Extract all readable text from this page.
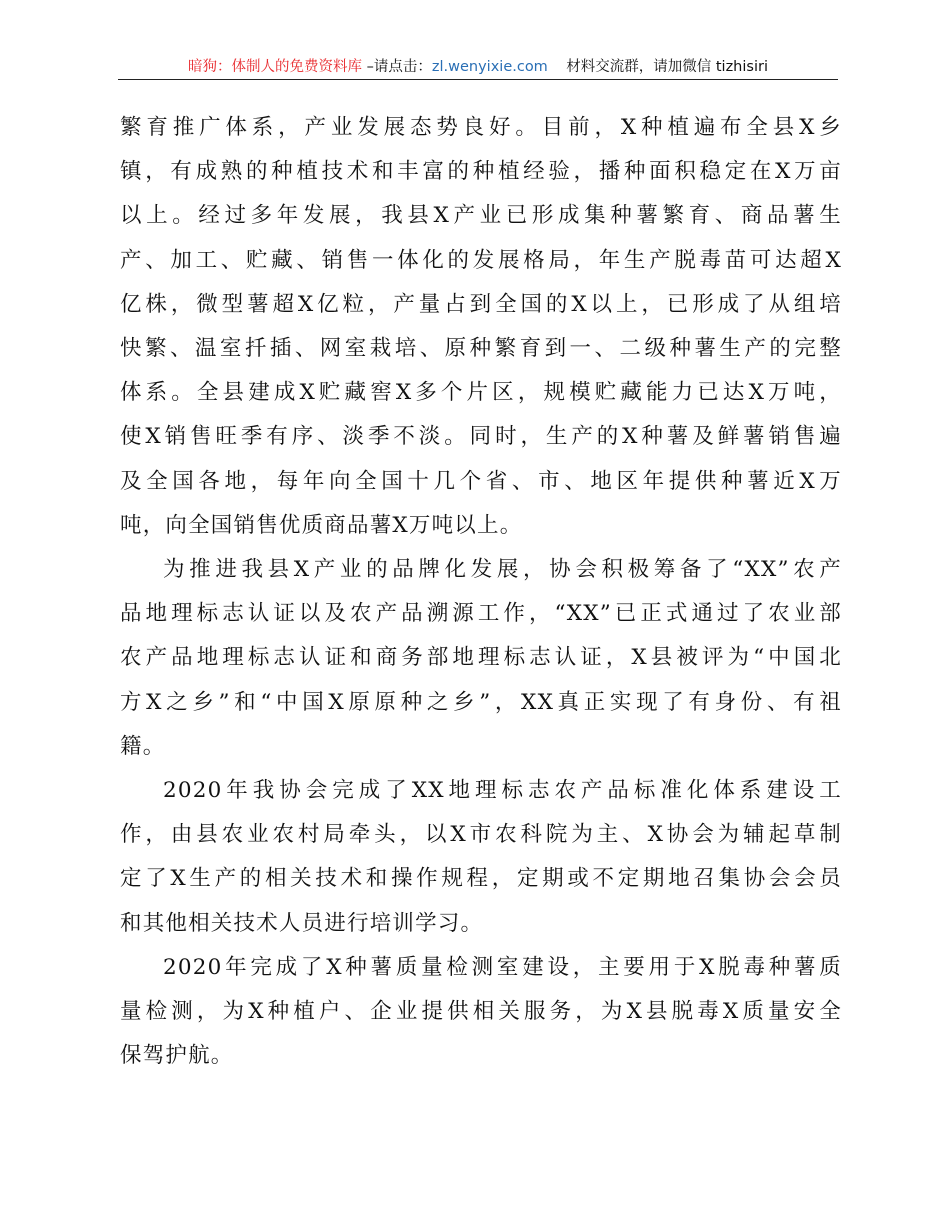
暗狗：体制人的免费资料库 –请点击：zl.wenyixie.com    材料交流群，请加微信 tizhisiri

繁育推广体系，产业发展态势良好。目前，X种植遍布全县X乡
镇，有成熟的种植技术和丰富的种植经验，播种面积稳定在X万亩
以上。经过多年发展，我县X产业已形成集种薯繁育、商品薯生
产、加工、贮藏、销售一体化的发展格局，年生产脱毒苗可达超X
亿株，微型薯超X亿粒，产量占到全国的X以上，已形成了从组培
快繁、温室扦插、网室栽培、原种繁育到一、二级种薯生产的完整
体系。全县建成X贮藏窖X多个片区，规模贮藏能力已达X万吨，
使X销售旺季有序、淡季不淡。同时，生产的X种薯及鲜薯销售遍
及全国各地，每年向全国十几个省、市、地区年提供种薯近X万
吨，向全国销售优质商品薯X万吨以上。

为推进我县X产业的品牌化发展，协会积极筹备了“XX”农产
品地理标志认证以及农产品溯源工作，“XX”已正式通过了农业部
农产品地理标志认证和商务部地理标志认证，X县被评为“中国北
方X之乡”和“中国X原原种之乡”，XX真正实现了有身份、有祖
籍。

2020年我协会完成了XX地理标志农产品标准化体系建设工
作，由县农业农村局牵头，以X市农科院为主、X协会为辅起草制
定了X生产的相关技术和操作规程，定期或不定期地召集协会会员
和其他相关技术人员进行培训学习。

2020年完成了X种薯质量检测室建设，主要用于X脱毒种薯质
量检测，为X种植户、企业提供相关服务，为X县脱毒X质量安全
保驾护航。
